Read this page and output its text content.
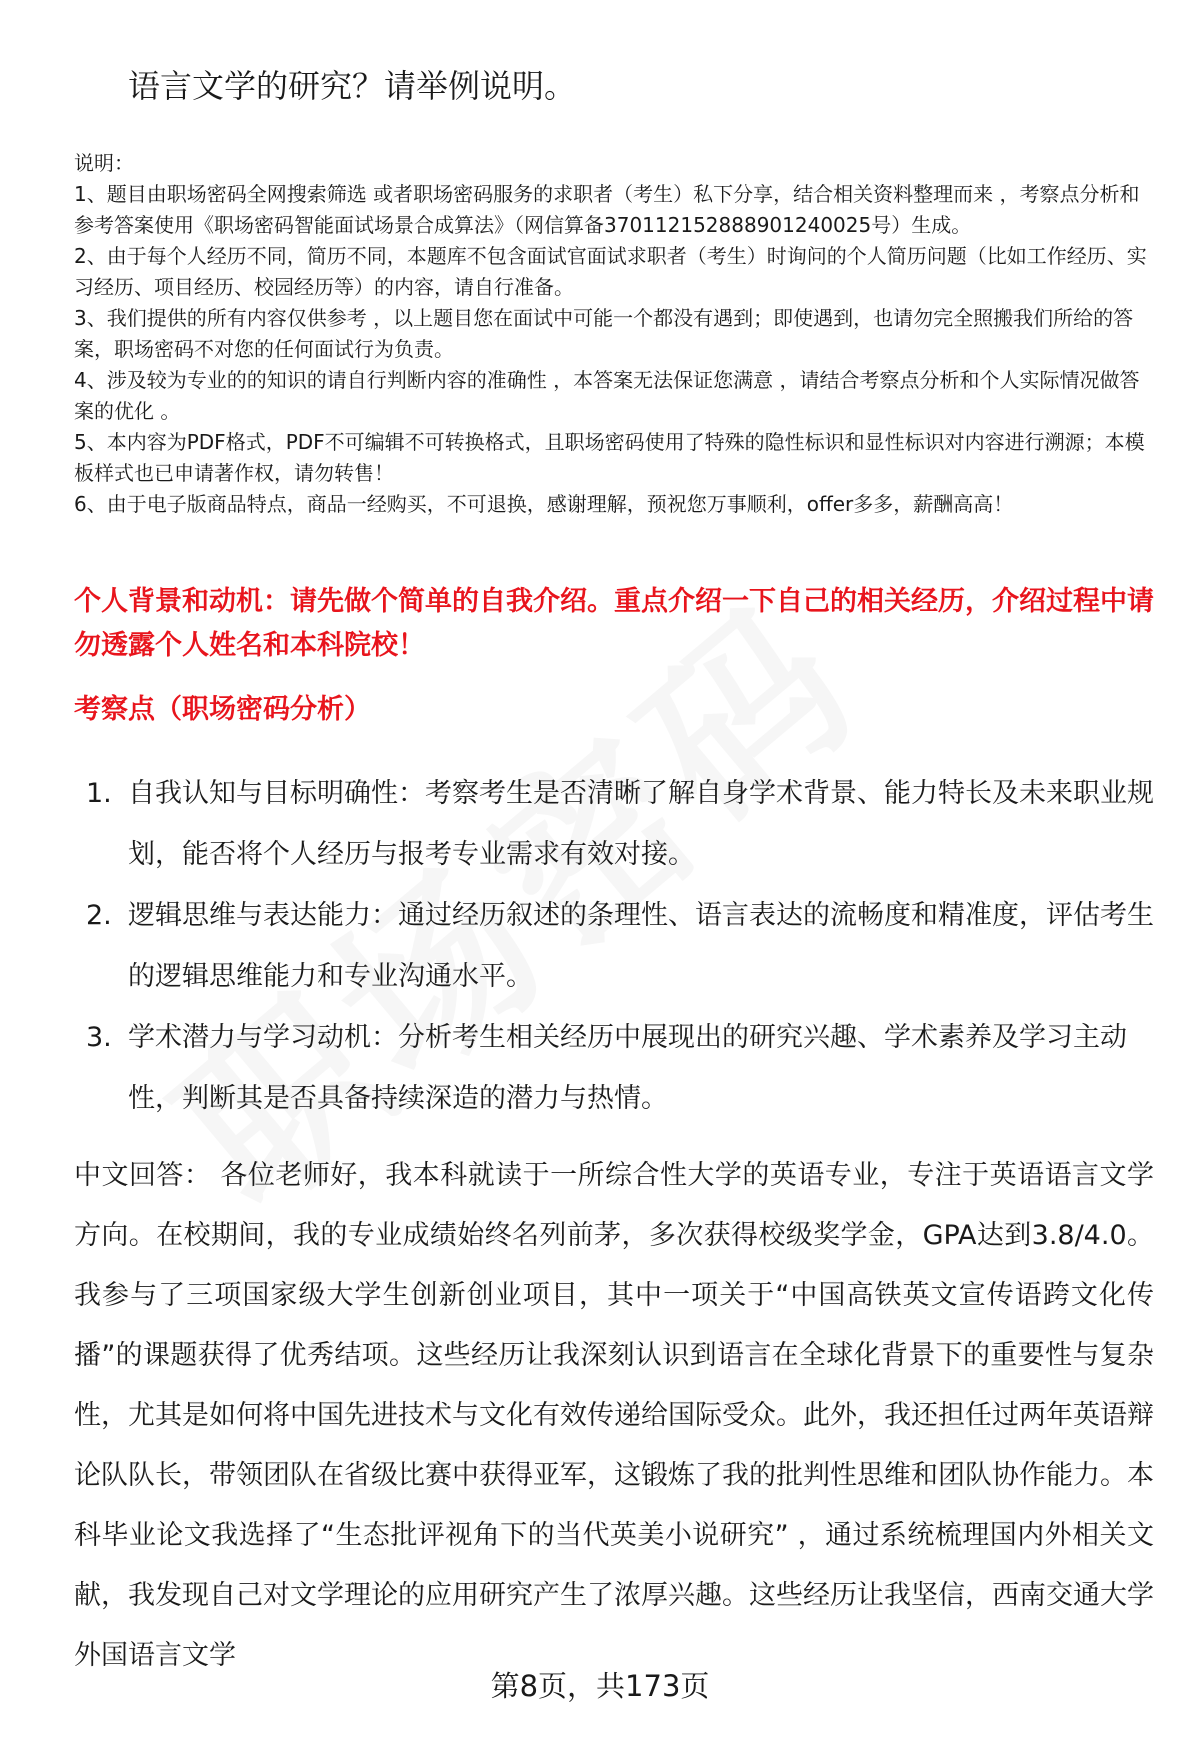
语言文学的研究？请举例说明。

说明：

1、题目由职场密码全网搜索筛选 或者职场密码服务的求职者（考生）私下分享，结合相关资料整理而来 ，考察点分析和参考答案使用《职场密码智能面试场景合成算法》（网信算备370112152888901240025号）生成。

2、由于每个人经历不同，简历不同，本题库不包含面试官面试求职者（考生）时询问的个人简历问题（比如工作经历、实习经历、项目经历、校园经历等）的内容，请自行准备。

3、我们提供的所有内容仅供参考 ，以上题目您在面试中可能一个都没有遇到；即使遇到，也请勿完全照搬我们所给的答案，职场密码不对您的任何面试行为负责。

4、涉及较为专业的的知识的请自行判断内容的准确性 ，本答案无法保证您满意 ，请结合考察点分析和个人实际情况做答案的优化 。

5、本内容为PDF格式，PDF不可编辑不可转换格式，且职场密码使用了特殊的隐性标识和显性标识对内容进行溯源；本模板样式也已申请著作权，请勿转售！

6、由于电子版商品特点，商品一经购买，不可退换，感谢理解，预祝您万事顺利，offer多多，薪酬高高！

个人背景和动机：请先做个简单的自我介绍。重点介绍一下自己的相关经历，介绍过程中请勿透露个人姓名和本科院校！
考察点（职场密码分析）
1. 自我认知与目标明确性：考察考生是否清晰了解自身学术背景、能力特长及未来职业规划，能否将个人经历与报考专业需求有效对接。
2. 逻辑思维与表达能力：通过经历叙述的条理性、语言表达的流畅度和精准度，评估考生的逻辑思维能力和专业沟通水平。
3. 学术潜力与学习动机：分析考生相关经历中展现出的研究兴趣、学术素养及学习主动性，判断其是否具备持续深造的潜力与热情。

中文回答： 各位老师好，我本科就读于一所综合性大学的英语专业，专注于英语语言文学方向。在校期间，我的专业成绩始终名列前茅，多次获得校级奖学金，GPA达到3.8/4.0。我参与了三项国家级大学生创新创业项目，其中一项关于“中国高铁英文宣传语跨文化传播”的课题获得了优秀结项。这些经历让我深刻认识到语言在全球化背景下的重要性与复杂性，尤其是如何将中国先进技术与文化有效传递给国际受众。此外，我还担任过两年英语辩论队队长，带领团队在省级比赛中获得亚军，这锻炼了我的批判性思维和团队协作能力。本科毕业论文我选择了“生态批评视角下的当代英美小说研究” ，通过系统梳理国内外相关文献，我发现自己对文学理论的应用研究产生了浓厚兴趣。这些经历让我坚信，西南交通大学外国语言文学

第8页，共173页
